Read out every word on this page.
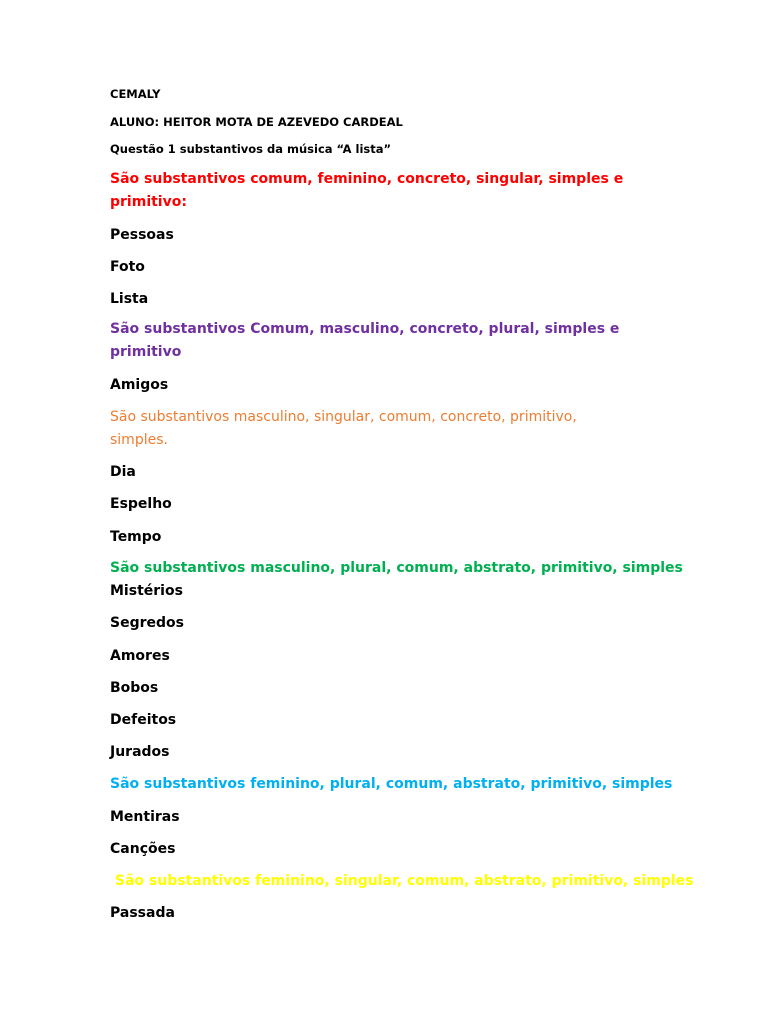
CEMALY
ALUNO: HEITOR MOTA DE AZEVEDO CARDEAL
Questão 1 substantivos da música “A lista”
São substantivos comum, feminino, concreto, singular, simples e primitivo:
Pessoas
Foto
Lista
São substantivos Comum, masculino, concreto, plural, simples e primitivo
Amigos
São substantivos masculino, singular, comum, concreto, primitivo, simples.
Dia
Espelho
Tempo
São substantivos masculino, plural, comum, abstrato, primitivo, simples
Mistérios
Segredos
Amores
Bobos
Defeitos
Jurados
São substantivos feminino, plural, comum, abstrato, primitivo, simples
Mentiras
Canções
São substantivos feminino, singular, comum, abstrato, primitivo, simples
Passada
